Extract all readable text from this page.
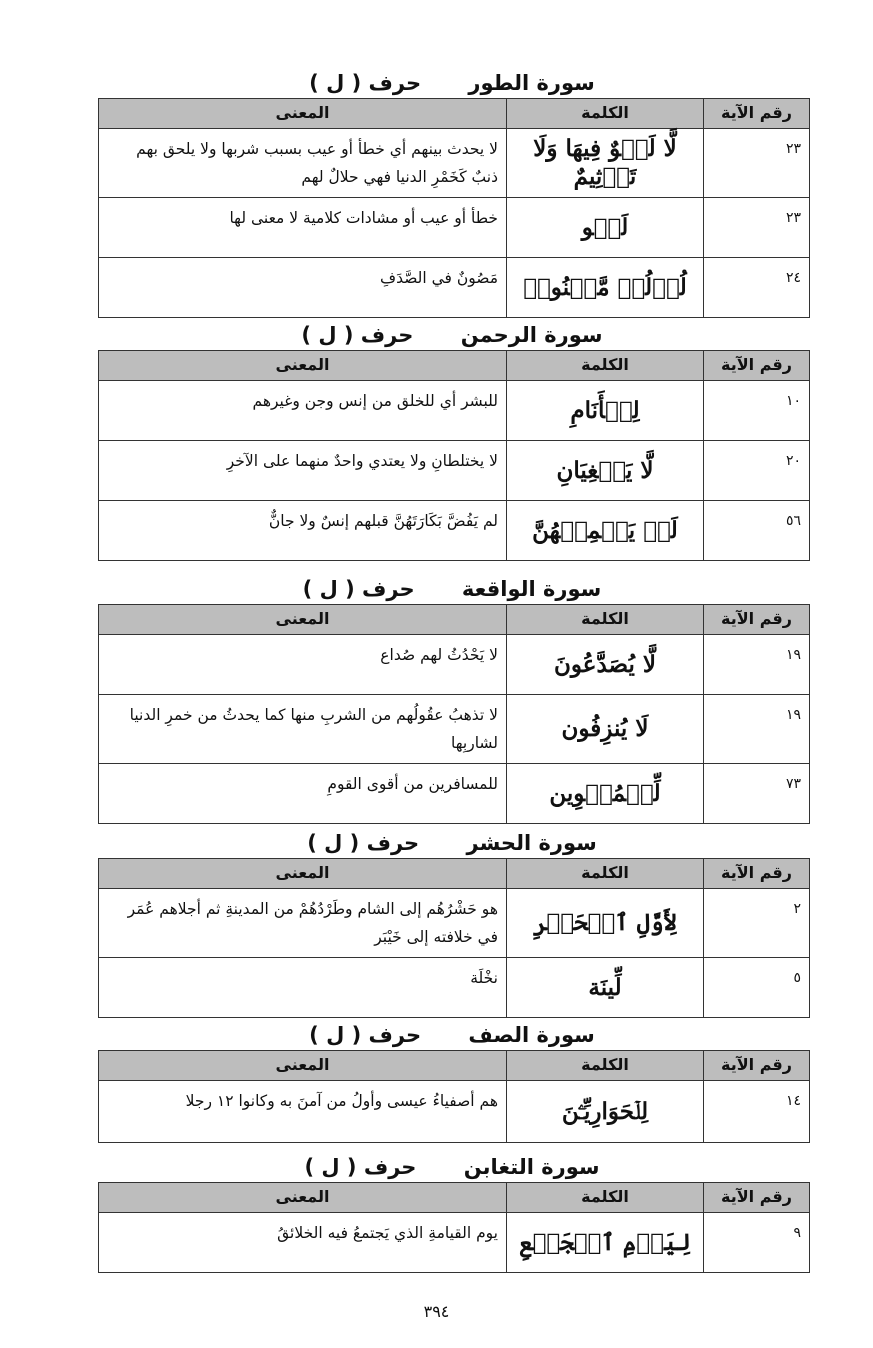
سورة الطور حرف ( ل )
رقم الآية	الكلمة	المعنى
٢٣	لَّا لَغۡوٌ فِيهَا وَلَا تَأۡثِيمٌ	لا يحدث بينهم أي خطأ أو عيب بسبب شربها ولا يلحق بهم ذنبٌ كَخَمْرِ الدنيا فهي حلالٌ لهم
٢٣	لَغۡو	خطأ أو عيب أو مشادات كلامية لا معنى لها
٢٤	لُؤۡلُؤٞ مَّكۡنُونٞ	مَصُونٌ في الصَّدَفِ
سورة الرحمن حرف ( ل )
رقم الآية	الكلمة	المعنى
١٠	لِلۡأَنَامِ	للبشر أي للخلق من إنس وجن وغيرهم
٢٠	لَّا يَبۡغِيَانِ	لا يختلطانِ ولا يعتدي واحدٌ منهما على الآخرِ
٥٦	لَمۡ يَطۡمِثۡهُنَّ	لم يَفُضَّ بَكَارَتَهُنَّ قبلهم إنسٌ ولا جانٌّ
سورة الواقعة حرف ( ل )
رقم الآية	الكلمة	المعنى
١٩	لَّا يُصَدَّعُونَ	لا يَحْدُثُ لهم صُداع
١٩	لَا يُنزِفُون	لا تذهبُ عقُولُهم من الشربِ منها كما يحدثُ من خمرِ الدنيا لشاربِها
٧٣	لِّلۡمُقۡوِين	للمسافرين من أقوى القومِ
سورة الحشر حرف ( ل )
رقم الآية	الكلمة	المعنى
٢	لِأَوَّلِ ٱلۡحَشۡرِ	هو حَشْرُهُم إلى الشام وطَرْدُهُمْ من المدينةِ ثم أجلاهم عُمَر في خلافته إلى خَيْبَر
٥	لِّينَة	نخْلَة
سورة الصف حرف ( ل )
رقم الآية	الكلمة	المعنى
١٤	لِلۡحَوَارِيِّـۧنَ	هم أصفياءُ عيسى وأولُ من آمنَ به وكانوا ١٢ رجلا
سورة التغابن حرف ( ل )
رقم الآية	الكلمة	المعنى
٩	لِيَوۡمِ ٱلۡجَمۡعِ	يوم القيامةِ الذي يَجتمعُ فيه الخلائقُ
٣٩٤
